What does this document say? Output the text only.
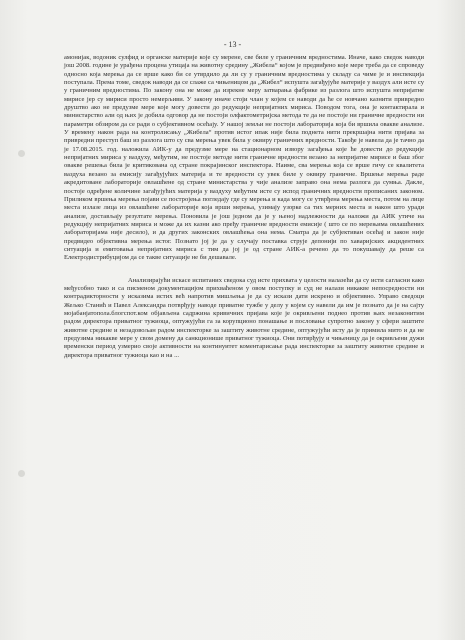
- 13 -

амонијак, водоник сулфид и органске материје које су мерене, све биле у граничним вредностима. Иначе, како сведок наводи још 2008. године је урађена процена утицаја на животну средину „Жибела“ којом је предвиђено које мере треба да се спроведу односно која мерења да се врше како би се утврдило да ли су у граничним вредностима у складу са чиме је и инспекција поступала. Према томе, сведок наводи да се слаже са чињеницом да „Жибел“ испушта загађујуће материје у ваздух али исте су у граничним вредностима. По закону она не може да изрекне меру затварања фабрике из разлога што испушта непријатне мирисе јер су мириси просто немерљиви. У закону иначе стоји члан у којем се наводи да ће се новчано казнити привредно друштво ако не предузме мере које могу довести до редукције непријатних мириса. Поводом тога, она је контактирала и министарство али од њих је добила одговор да не постоји олфактометријска метода те да не постоје ни граничне вредности ни параметри обзиром да се ради о субјективном осећају. У нашој земљи не постоји лабораторија која би вршила овакве анализе. У времену након рада на контролисању „Жибела“ против истог ипак није била поднета нити прекршајна нити пријава за привредни преступ баш из разлога што су сва мерења увек била у оквиру граничних вредности. Такође је навела да је тачно да је 17.08.2015. год. наложила АИК-у да предузме мере на стационарном извору загађења које ће довести до редукције непријатних мириса у ваздуху, међутим, не постоје методе нити граничне вредности везано за непријатне мирисе и баш због овакве решења била је критикована од стране покрајинског инспектора. Наиме, сва мерења која се врше гичу се квалитета ваздуха везано за емисију загађујућих материја и те вредности су увек биле у оквиру граничне. Вршење мерења раде акредитоване лабораторије овлашћене од стране министарства у чије анализе заправо она нема разлога да сумња. Дакле, постоје одређене количине загађујућих материја у ваздуху међутим исте су испод граничних вредности прописаних законом. Приликом вршења мерења појави се постројења погледају где су мерења и када могу се утврђена мерења места, потом на лице места излазе лица из овлашћене лабораторије која врши мерења, узимају узорке са тих мерних места и након што уради анализе, достављају резултате мерења. Поновила је још једном да је у њеној надлежности да наложи да АИК утиче на редукцију непријатних мириса и може да их казни ако пређу граничне вредности емисије ( што се по мерењима овлашћених лабораторијама није десило), и да других законских овлашћења она нема. Сматра да је субјективан осећај и закон није предвидео објективна мерења истог. Познато јој је да у случају поставка струје депонији по хаваријских акцидентних ситуација и емитовања непријатних мириса с тим да јој је од стране АИК-а речено да то покушавају да реше са Електродистрибуцијом да се такве ситуације не би дешавале.

Анализирајући искасе испитаних сведока суд исте прихвата у целости налазећи да су исти сагласни како међусобно тако и са писменом документацијом прихваћеном у овом поступку и суд не налази никакве непосредности ни контрадикторности у исказима истих већ напротив мишљења је да су искази дати искрено и објективно. Управо сведоци Жељко Станић и Павел Александра потврђују наводе приватне тужбе у делу у којем су навели да им је познато да је на сајту мојабанјатопола.блогспот.ком објављена садржина кривичних пријава које је окривљени поднео против њих незаконитим радом директора приватног тужиоца, оптужујући га за корупционо понашање и пословање супротно закону у сфери заштите животне средине и незадовољан радом инспекторке за заштиту животне средине, оптужујући исту да је примила мито и да не предузима никакве мере у свом домену да санкционише приватног тужиоца. Они потврђују и чињеницу да је окривљени дужи временски период узмерио своје активности на континуитет коментарисање рада инспекторке за заштиту животне средине и директора приватног тужиоца као и на ...
